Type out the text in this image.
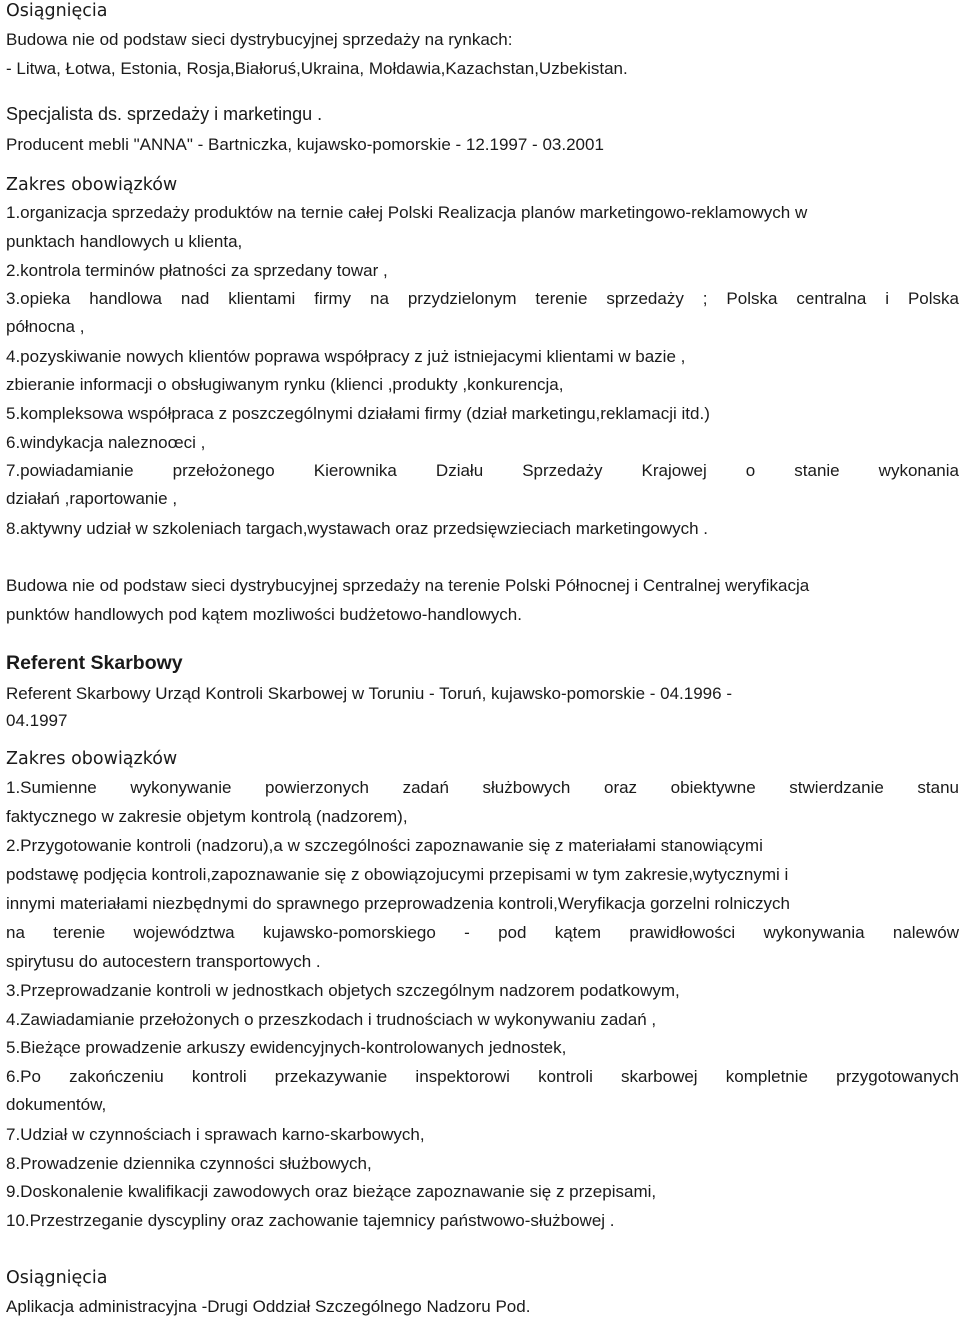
Osiągnięcia
Budowa nie od podstaw sieci dystrybucyjnej sprzedaży na rynkach:
- Litwa, Łotwa, Estonia, Rosja,Białoruś,Ukraina, Mołdawia,Kazachstan,Uzbekistan.
Specjalista ds. sprzedaży i marketingu .
Producent mebli "ANNA" - Bartniczka, kujawsko-pomorskie - 12.1997 - 03.2001
Zakres obowiązków
1.organizacja sprzedaży produktów na ternie całej Polski Realizacja planów marketingowo-reklamowych w
punktach handlowych u klienta,
2.kontrola terminów płatności za sprzedany towar ,
3.opieka handlowa nad klientami firmy na przydzielonym terenie sprzedaży ; Polska centralna i Polska
północna ,
4.pozyskiwanie nowych klientów poprawa współpracy z już istniejacymi klientami w bazie ,
zbieranie informacji o obsługiwanym rynku (klienci ,produkty ,konkurencja,
5.kompleksowa współpraca z poszczególnymi działami firmy (dział marketingu,reklamacji itd.)
6.windykacja naleznoœci ,
7.powiadamianie przełożonego Kierownika Działu Sprzedaży Krajowej o stanie wykonania
działań ,raportowanie ,
8.aktywny udział w szkoleniach targach,wystawach oraz przedsięwzieciach marketingowych .
Budowa nie od podstaw sieci dystrybucyjnej sprzedaży na terenie Polski Północnej i Centralnej weryfikacja
punktów handlowych pod kątem mozliwości budżetowo-handlowych.
Referent Skarbowy
Referent Skarbowy Urząd Kontroli Skarbowej w Toruniu - Toruń, kujawsko-pomorskie - 04.1996 -
04.1997
Zakres obowiązków
1.Sumienne wykonywanie powierzonych zadań służbowych oraz obiektywne stwierdzanie stanu
faktycznego w zakresie objetym kontrolą (nadzorem),
2.Przygotowanie kontroli (nadzoru),a w szczególności zapoznawanie się z materiałami stanowiącymi
podstawę podjęcia kontroli,zapoznawanie się z obowiązojucymi przepisami w tym zakresie,wytycznymi i
innymi materiałami niezbędnymi do sprawnego przeprowadzenia kontroli,Weryfikacja gorzelni rolniczych
na terenie województwa kujawsko-pomorskiego - pod kątem prawidłowości wykonywania nalewów
spirytusu do autocestern transportowych .
3.Przeprowadzanie kontroli w jednostkach objetych szczególnym nadzorem podatkowym,
4.Zawiadamianie przełożonych o przeszkodach i trudnościach w wykonywaniu zadań ,
5.Bieżące prowadzenie arkuszy ewidencyjnych-kontrolowanych jednostek,
6.Po zakończeniu kontroli przekazywanie inspektorowi kontroli skarbowej kompletnie przygotowanych
dokumentów,
7.Udział w czynnościach i sprawach karno-skarbowych,
8.Prowadzenie dziennika czynności służbowych,
9.Doskonalenie kwalifikacji zawodowych oraz bieżące zapoznawanie się z przepisami,
10.Przestrzeganie dyscypliny oraz zachowanie tajemnicy państwowo-służbowej .
Osiągnięcia
Aplikacja administracyjna -Drugi Oddział Szczególnego Nadzoru Pod.
